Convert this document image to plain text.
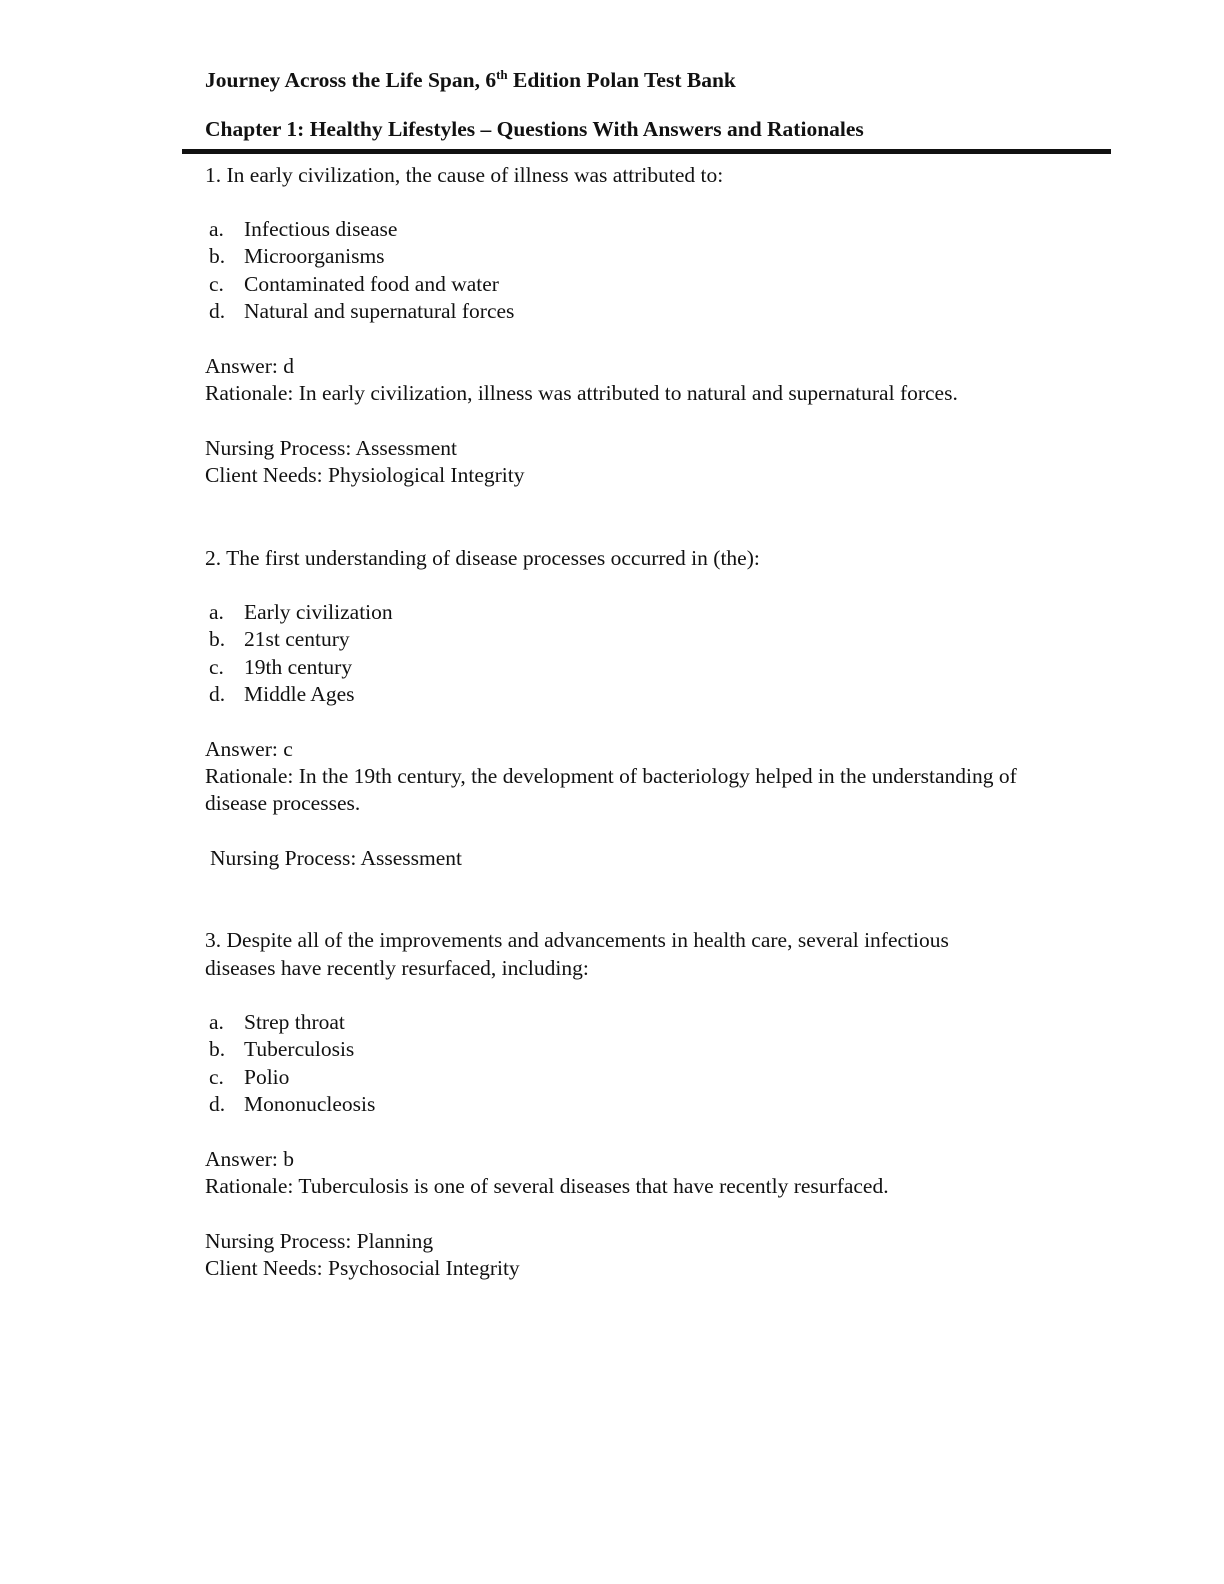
Journey Across the Life Span, 6th Edition Polan Test Bank
Chapter 1: Healthy Lifestyles – Questions With Answers and Rationales
1. In early civilization, the cause of illness was attributed to:
a. Infectious disease
b. Microorganisms
c. Contaminated food and water
d. Natural and supernatural forces
Answer: d
Rationale: In early civilization, illness was attributed to natural and supernatural forces.
Nursing Process: Assessment
Client Needs: Physiological Integrity
2. The first understanding of disease processes occurred in (the):
a. Early civilization
b. 21st century
c. 19th century
d. Middle Ages
Answer: c
Rationale: In the 19th century, the development of bacteriology helped in the understanding of
disease processes.
Nursing Process: Assessment
3. Despite all of the improvements and advancements in health care, several infectious
diseases have recently resurfaced, including:
a. Strep throat
b. Tuberculosis
c. Polio
d. Mononucleosis
Answer: b
Rationale: Tuberculosis is one of several diseases that have recently resurfaced.
Nursing Process: Planning
Client Needs: Psychosocial Integrity
